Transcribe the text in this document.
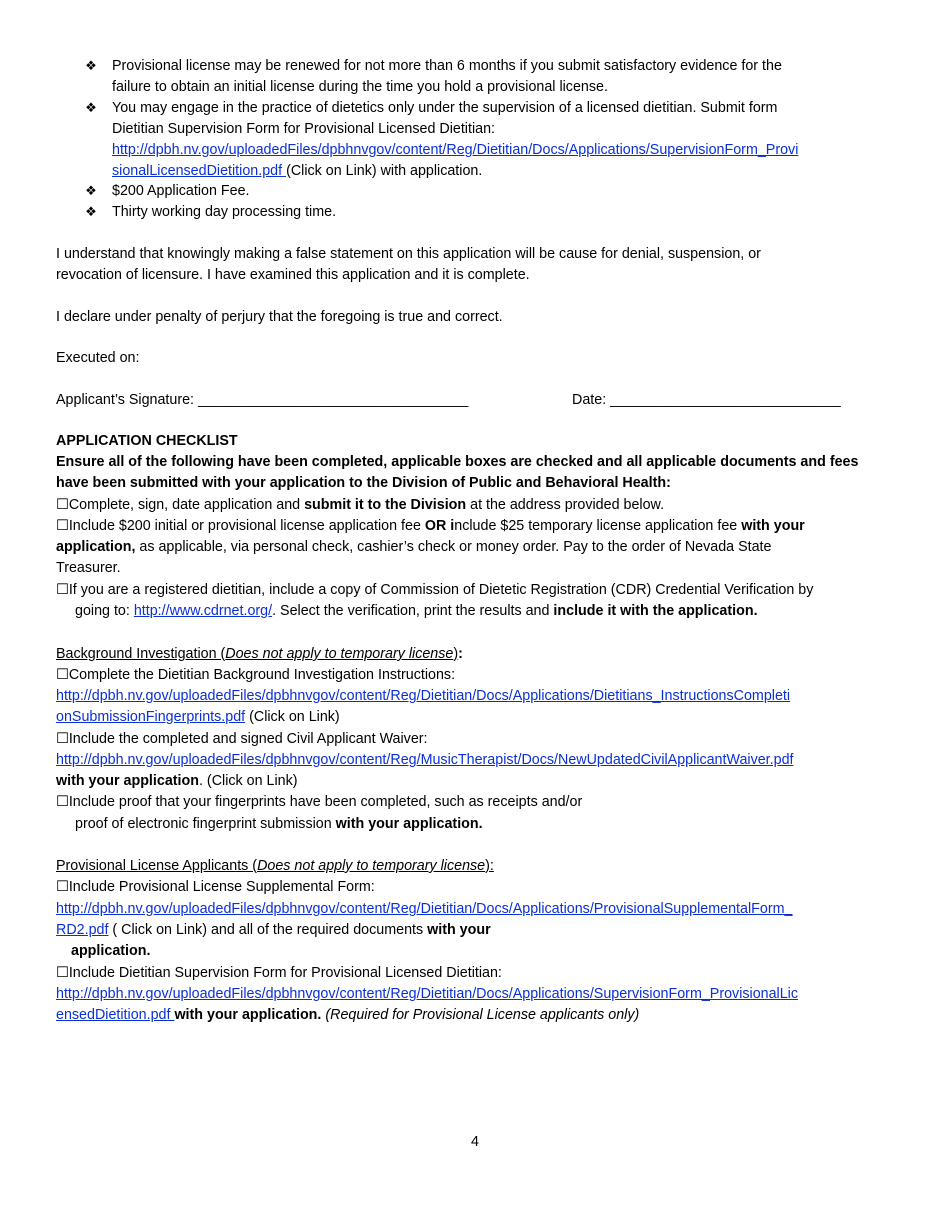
❖ Provisional license may be renewed for not more than 6 months if you submit satisfactory evidence for the
failure to obtain an initial license during the time you hold a provisional license.
❖ You may engage in the practice of dietetics only under the supervision of a licensed dietitian. Submit form
Dietitian Supervision Form for Provisional Licensed Dietitian:
http://dpbh.nv.gov/uploadedFiles/dpbhnvgov/content/Reg/Dietitian/Docs/Applications/SupervisionForm_Provi
sionalLicensedDietition.pdf (Click on Link) with application.
❖ $200 Application Fee.
❖ Thirty working day processing time.
I understand that knowingly making a false statement on this application will be cause for denial, suspension, or
revocation of licensure. I have examined this application and it is complete.
I declare under penalty of perjury that the foregoing is true and correct.
Executed on:
Applicant’s Signature: __________________________________	Date: _____________________________
APPLICATION CHECKLIST
Ensure all of the following have been completed, applicable boxes are checked and all applicable documents and fees
have been submitted with your application to the Division of Public and Behavioral Health:
☐Complete, sign, date application and submit it to the Division at the address provided below.
☐Include $200 initial or provisional license application fee OR include $25 temporary license application fee with your
application, as applicable, via personal check, cashier’s check or money order. Pay to the order of Nevada State
Treasurer.
☐If you are a registered dietitian, include a copy of Commission of Dietetic Registration (CDR) Credential Verification by
going to: http://www.cdrnet.org/. Select the verification, print the results and include it with the application.
Background Investigation (Does not apply to temporary license):
☐Complete the Dietitian Background Investigation Instructions:
http://dpbh.nv.gov/uploadedFiles/dpbhnvgov/content/Reg/Dietitian/Docs/Applications/Dietitians_InstructionsCompleti
onSubmissionFingerprints.pdf (Click on Link)
☐Include the completed and signed Civil Applicant Waiver:
http://dpbh.nv.gov/uploadedFiles/dpbhnvgov/content/Reg/MusicTherapist/Docs/NewUpdatedCivilApplicantWaiver.pdf
with your application. (Click on Link)
☐Include proof that your fingerprints have been completed, such as receipts and/or
proof of electronic fingerprint submission with your application.
Provisional License Applicants (Does not apply to temporary license):
☐Include Provisional License Supplemental Form:
http://dpbh.nv.gov/uploadedFiles/dpbhnvgov/content/Reg/Dietitian/Docs/Applications/ProvisionalSupplementalForm_
RD2.pdf ( Click on Link) and all of the required documents with your
application.
☐Include Dietitian Supervision Form for Provisional Licensed Dietitian:
http://dpbh.nv.gov/uploadedFiles/dpbhnvgov/content/Reg/Dietitian/Docs/Applications/SupervisionForm_ProvisionalLic
ensedDietition.pdf with your application. (Required for Provisional License applicants only)
4
